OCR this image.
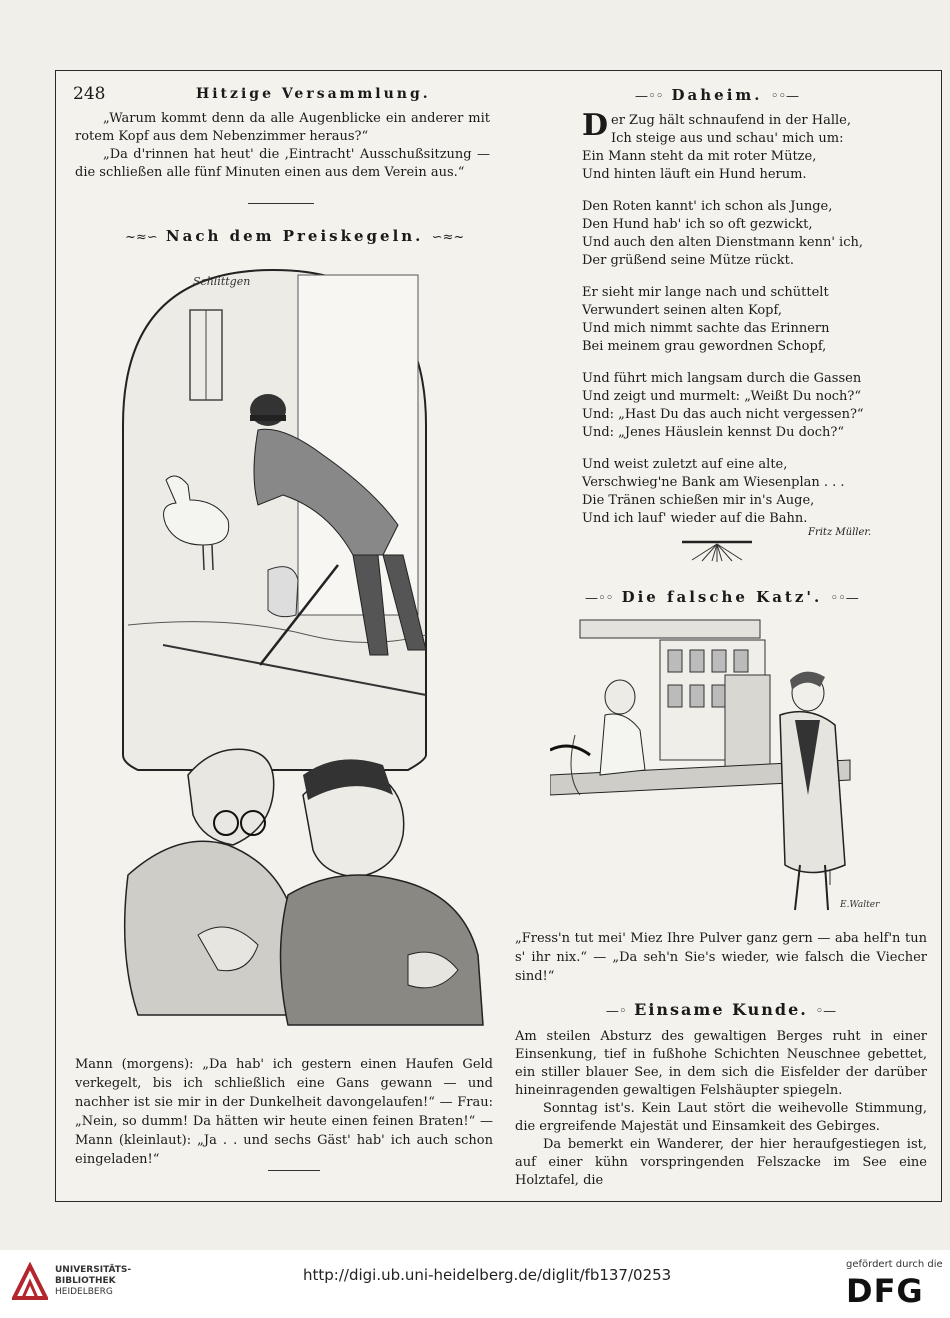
248	Hitzige Versammlung.

„Warum kommt denn da alle Augenblicke ein anderer mit rotem Kopf aus dem Nebenzimmer heraus?“

„Da d'rinnen hat heut' die ‚Eintracht' Ausschußsitzung — die schließen alle fünf Minuten einen aus dem Verein aus.“

~≈∽ Nach dem Preiskegeln. ∽≈~
Schlittgen
Mann (morgens): „Da hab' ich gestern einen Haufen Geld verkegelt, bis ich schließlich eine Gans gewann — und nachher ist sie mir in der Dunkelheit davongelaufen!“ — Frau: „Nein, so dumm! Da hätten wir heute einen feinen Braten!“ — Mann (kleinlaut): „Ja . . und sechs Gäst' hab' ich auch schon eingeladen!“
—◦◦ Daheim. ◦◦—
D er Zug hält schnaufend in der Halle,
Ich steige aus und schau' mich um:
Ein Mann steht da mit roter Mütze,
Und hinten läuft ein Hund herum.
Den Roten kannt' ich schon als Junge,
Den Hund hab' ich so oft gezwickt,
Und auch den alten Dienstmann kenn' ich,
Der grüßend seine Mütze rückt.
Er sieht mir lange nach und schüttelt
Verwundert seinen alten Kopf,
Und mich nimmt sachte das Erinnern
Bei meinem grau gewordnen Schopf,
Und führt mich langsam durch die Gassen
Und zeigt und murmelt: „Weißt Du noch?“
Und: „Hast Du das auch nicht vergessen?“
Und: „Jenes Häuslein kennst Du doch?“
Und weist zuletzt auf eine alte,
Verschwieg'ne Bank am Wiesenplan . . .
Die Tränen schießen mir in's Auge,
Und ich lauf' wieder auf die Bahn.
Fritz Müller.
—◦◦ Die falsche Katz'. ◦◦—
E.Walter
„Fress'n tut mei' Miez Ihre Pulver ganz gern — aba helf'n tun s' ihr nix.“ — „Da seh'n Sie's wieder, wie falsch die Viecher sind!“
—◦ Einsame Kunde. ◦—

Am steilen Absturz des gewaltigen Berges ruht in einer Einsenkung, tief in fußhohe Schichten Neuschnee gebettet, ein stiller blauer See, in dem sich die Eisfelder der darüber hineinragenden gewaltigen Felshäupter spiegeln.

Sonntag ist's. Kein Laut stört die weihevolle Stimmung, die ergreifende Majestät und Einsamkeit des Gebirges.

Da bemerkt ein Wanderer, der hier heraufgestiegen ist, auf einer kühn vorspringenden Felszacke im See eine Holztafel, die

UNIVERSITÄTS-
BIBLIOTHEK
HEIDELBERG
http://digi.ub.uni-heidelberg.de/diglit/fb137/0253
gefördert durch die
DFG
